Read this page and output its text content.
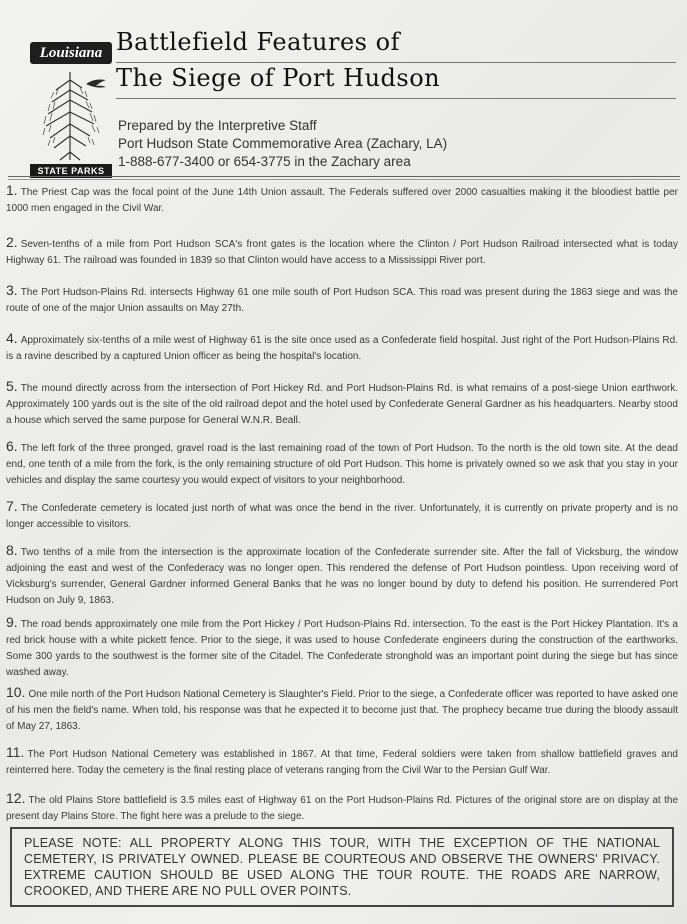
Louisiana
STATE PARKS
Battlefield Features of
The Siege of Port Hudson
Prepared by the Interpretive Staff
Port Hudson State Commemorative Area (Zachary, LA)
1-888-677-3400 or 654-3775 in the Zachary area
1. The Priest Cap was the focal point of the June 14th Union assault. The Federals suffered over 2000 casualties making it the bloodiest battle per 1000 men engaged in the Civil War.
2. Seven-tenths of a mile from Port Hudson SCA's front gates is the location where the Clinton / Port Hudson Railroad intersected what is today Highway 61. The railroad was founded in 1839 so that Clinton would have access to a Mississippi River port.
3. The Port Hudson-Plains Rd. intersects Highway 61 one mile south of Port Hudson SCA. This road was present during the 1863 siege and was the route of one of the major Union assaults on May 27th.
4. Approximately six-tenths of a mile west of Highway 61 is the site once used as a Confederate field hospital. Just right of the Port Hudson-Plains Rd. is a ravine described by a captured Union officer as being the hospital's location.
5. The mound directly across from the intersection of Port Hickey Rd. and Port Hudson-Plains Rd. is what remains of a post-siege Union earthwork. Approximately 100 yards out is the site of the old railroad depot and the hotel used by Confederate General Gardner as his headquarters. Nearby stood a house which served the same purpose for General W.N.R. Beall.
6. The left fork of the three pronged, gravel road is the last remaining road of the town of Port Hudson. To the north is the old town site. At the dead end, one tenth of a mile from the fork, is the only remaining structure of old Port Hudson. This home is privately owned so we ask that you stay in your vehicles and display the same courtesy you would expect of visitors to your neighborhood.
7. The Confederate cemetery is located just north of what was once the bend in the river. Unfortunately, it is currently on private property and is no longer accessible to visitors.
8. Two tenths of a mile from the intersection is the approximate location of the Confederate surrender site. After the fall of Vicksburg, the window adjoining the east and west of the Confederacy was no longer open. This rendered the defense of Port Hudson pointless. Upon receiving word of Vicksburg's surrender, General Gardner informed General Banks that he was no longer bound by duty to defend his position. He surrendered Port Hudson on July 9, 1863.
9. The road bends approximately one mile from the Port Hickey / Port Hudson-Plains Rd. intersection. To the east is the Port Hickey Plantation. It's a red brick house with a white pickett fence. Prior to the siege, it was used to house Confederate engineers during the construction of the earthworks. Some 300 yards to the southwest is the former site of the Citadel. The Confederate stronghold was an important point during the siege but has since washed away.
10. One mile north of the Port Hudson National Cemetery is Slaughter's Field. Prior to the siege, a Confederate officer was reported to have asked one of his men the field's name. When told, his response was that he expected it to become just that. The prophecy became true during the bloody assault of May 27, 1863.
11. The Port Hudson National Cemetery was established in 1867. At that time, Federal soldiers were taken from shallow battlefield graves and reinterred here. Today the cemetery is the final resting place of veterans ranging from the Civil War to the Persian Gulf War.
12. The old Plains Store battlefield is 3.5 miles east of Highway 61 on the Port Hudson-Plains Rd. Pictures of the original store are on display at the present day Plains Store. The fight here was a prelude to the siege.
PLEASE NOTE: ALL PROPERTY ALONG THIS TOUR, WITH THE EXCEPTION OF THE NATIONAL CEMETERY, IS PRIVATELY OWNED. PLEASE BE COURTEOUS AND OBSERVE THE OWNERS' PRIVACY. EXTREME CAUTION SHOULD BE USED ALONG THE TOUR ROUTE. THE ROADS ARE NARROW, CROOKED, AND THERE ARE NO PULL OVER POINTS.
